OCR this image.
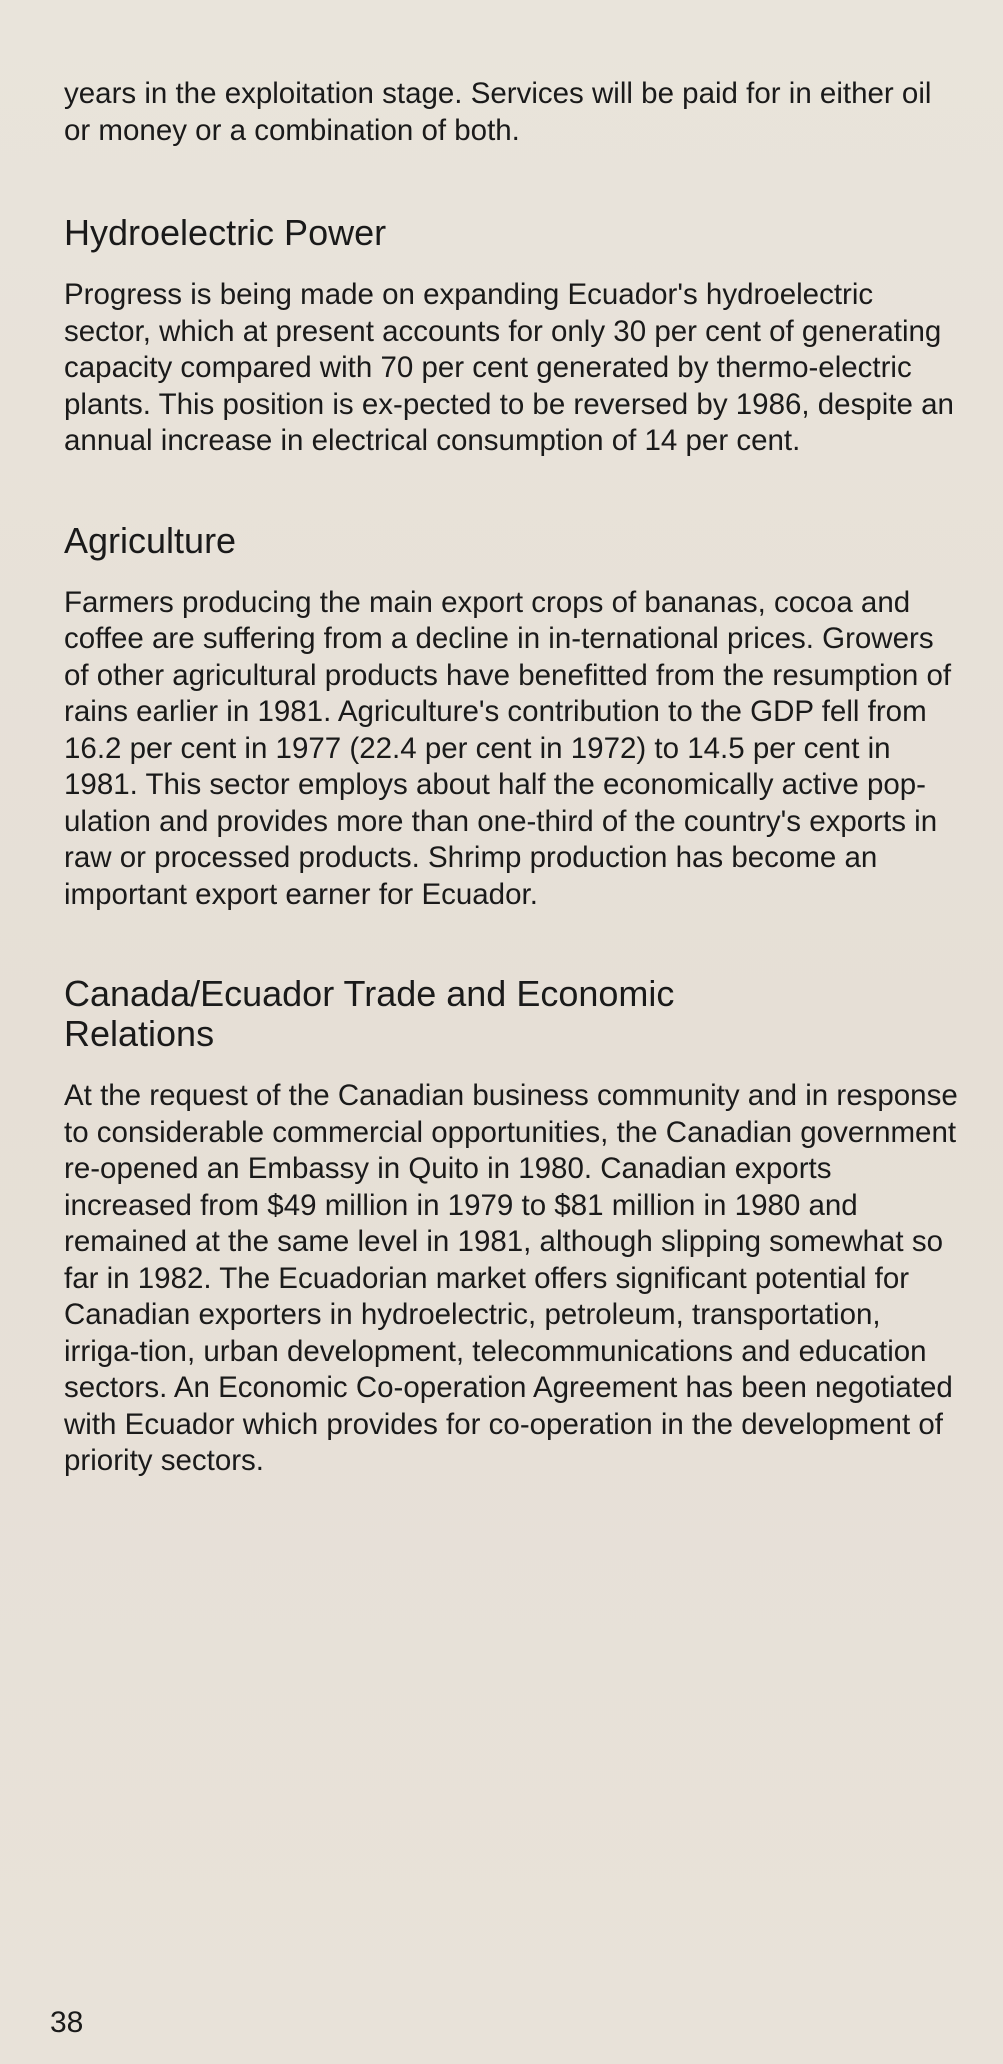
years in the exploitation stage. Services will be paid for in either oil or money or a combination of both.

Hydroelectric Power

Progress is being made on expanding Ecuador's hydroelectric sector, which at present accounts for only 30 per cent of generating capacity compared with 70 per cent generated by thermo-electric plants. This position is ex-pected to be reversed by 1986, despite an annual increase in electrical consumption of 14 per cent.

Agriculture

Farmers producing the main export crops of bananas, cocoa and coffee are suffering from a decline in in-ternational prices. Growers of other agricultural products have benefitted from the resumption of rains earlier in 1981. Agriculture's contribution to the GDP fell from 16.2 per cent in 1977 (22.4 per cent in 1972) to 14.5 per cent in 1981. This sector employs about half the economically active pop-ulation and provides more than one-third of the country's exports in raw or processed products. Shrimp production has become an important export earner for Ecuador.

Canada/Ecuador Trade and Economic Relations

At the request of the Canadian business community and in response to considerable commercial opportunities, the Canadian government re-opened an Embassy in Quito in 1980. Canadian exports increased from $49 million in 1979 to $81 million in 1980 and remained at the same level in 1981, although slipping somewhat so far in 1982. The Ecuadorian market offers significant potential for Canadian exporters in hydroelectric, petroleum, transportation, irriga-tion, urban development, telecommunications and education sectors. An Economic Co-operation Agreement has been negotiated with Ecuador which provides for co-operation in the development of priority sectors.

38
